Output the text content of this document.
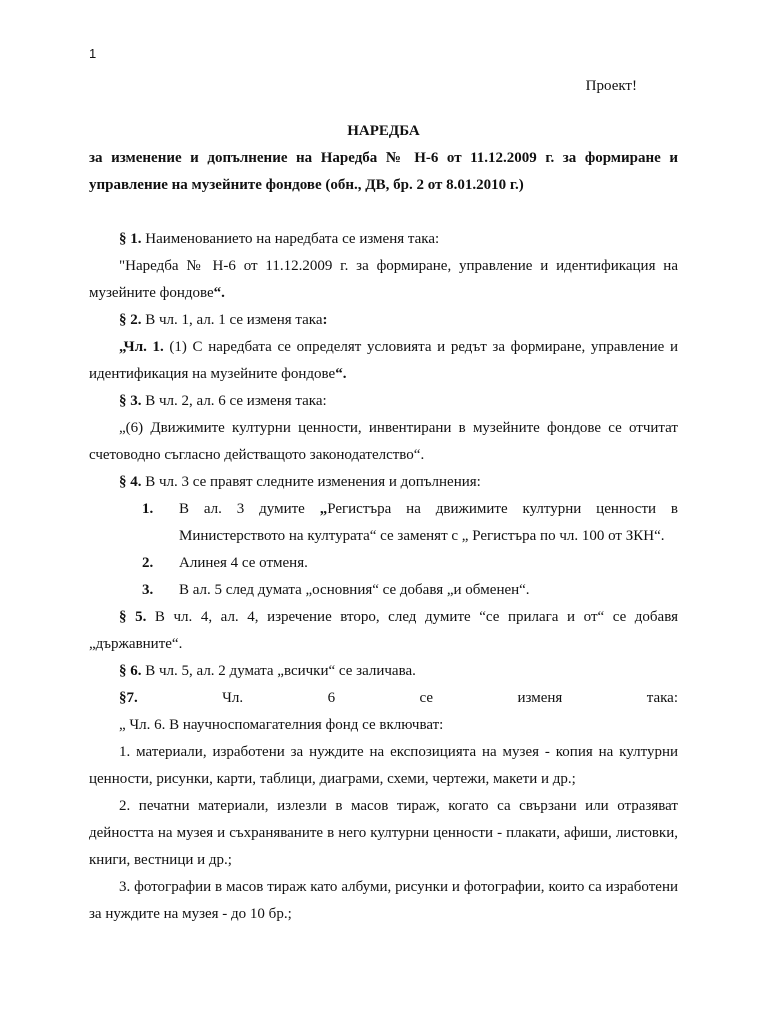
1
Проект!
НАРЕДБА
за изменение и допълнение на Наредба № Н-6 от 11.12.2009 г. за формиране и управление на музейните фондове (обн., ДВ, бр. 2 от 8.01.2010 г.)

§ 1. Наименованието на наредбата се изменя така:

"Наредба № Н-6 от 11.12.2009 г. за формиране, управление и идентификация на музейните фондове“.

§ 2. В чл. 1, ал. 1 се изменя така:

„Чл. 1. (1) С наредбата се определят условията и редът за формиране, управление и идентификация на музейните фондове“.

§ 3. В чл. 2, ал. 6 се изменя така:

„(6) Движимите културни ценности, инвентирани в музейните фондове се отчитат счетоводно съгласно действащото законодателство“.

§ 4. В чл. 3 се правят следните изменения и допълнения:

1.	В ал. 3 думите „Регистъра на движимите културни ценности в Министерството на културата“ се заменят с „ Регистъра по чл. 100 от ЗКН“.
2.	Алинея 4 се отменя.
3.	В ал. 5 след думата „основния“ се добавя „и обменен“.

§ 5. В чл. 4, ал. 4, изречение второ, след думите “се прилага и от“ се добавя „държавните“.

§ 6. В чл. 5, ал. 2 думата „всички“ се заличава.

§7. Чл. 6 се изменя така:

„ Чл. 6. В научноспомагателния фонд се включват:

1. материали, изработени за нуждите на експозицията на музея - копия на културни ценности, рисунки, карти, таблици, диаграми, схеми, чертежи, макети и др.;

2. печатни материали, излезли в масов тираж, когато са свързани или отразяват дейността на музея и съхраняваните в него културни ценности - плакати, афиши, листовки, книги, вестници и др.;

3. фотографии в масов тираж като албуми, рисунки и фотографии, които са изработени за нуждите на музея - до 10 бр.;
